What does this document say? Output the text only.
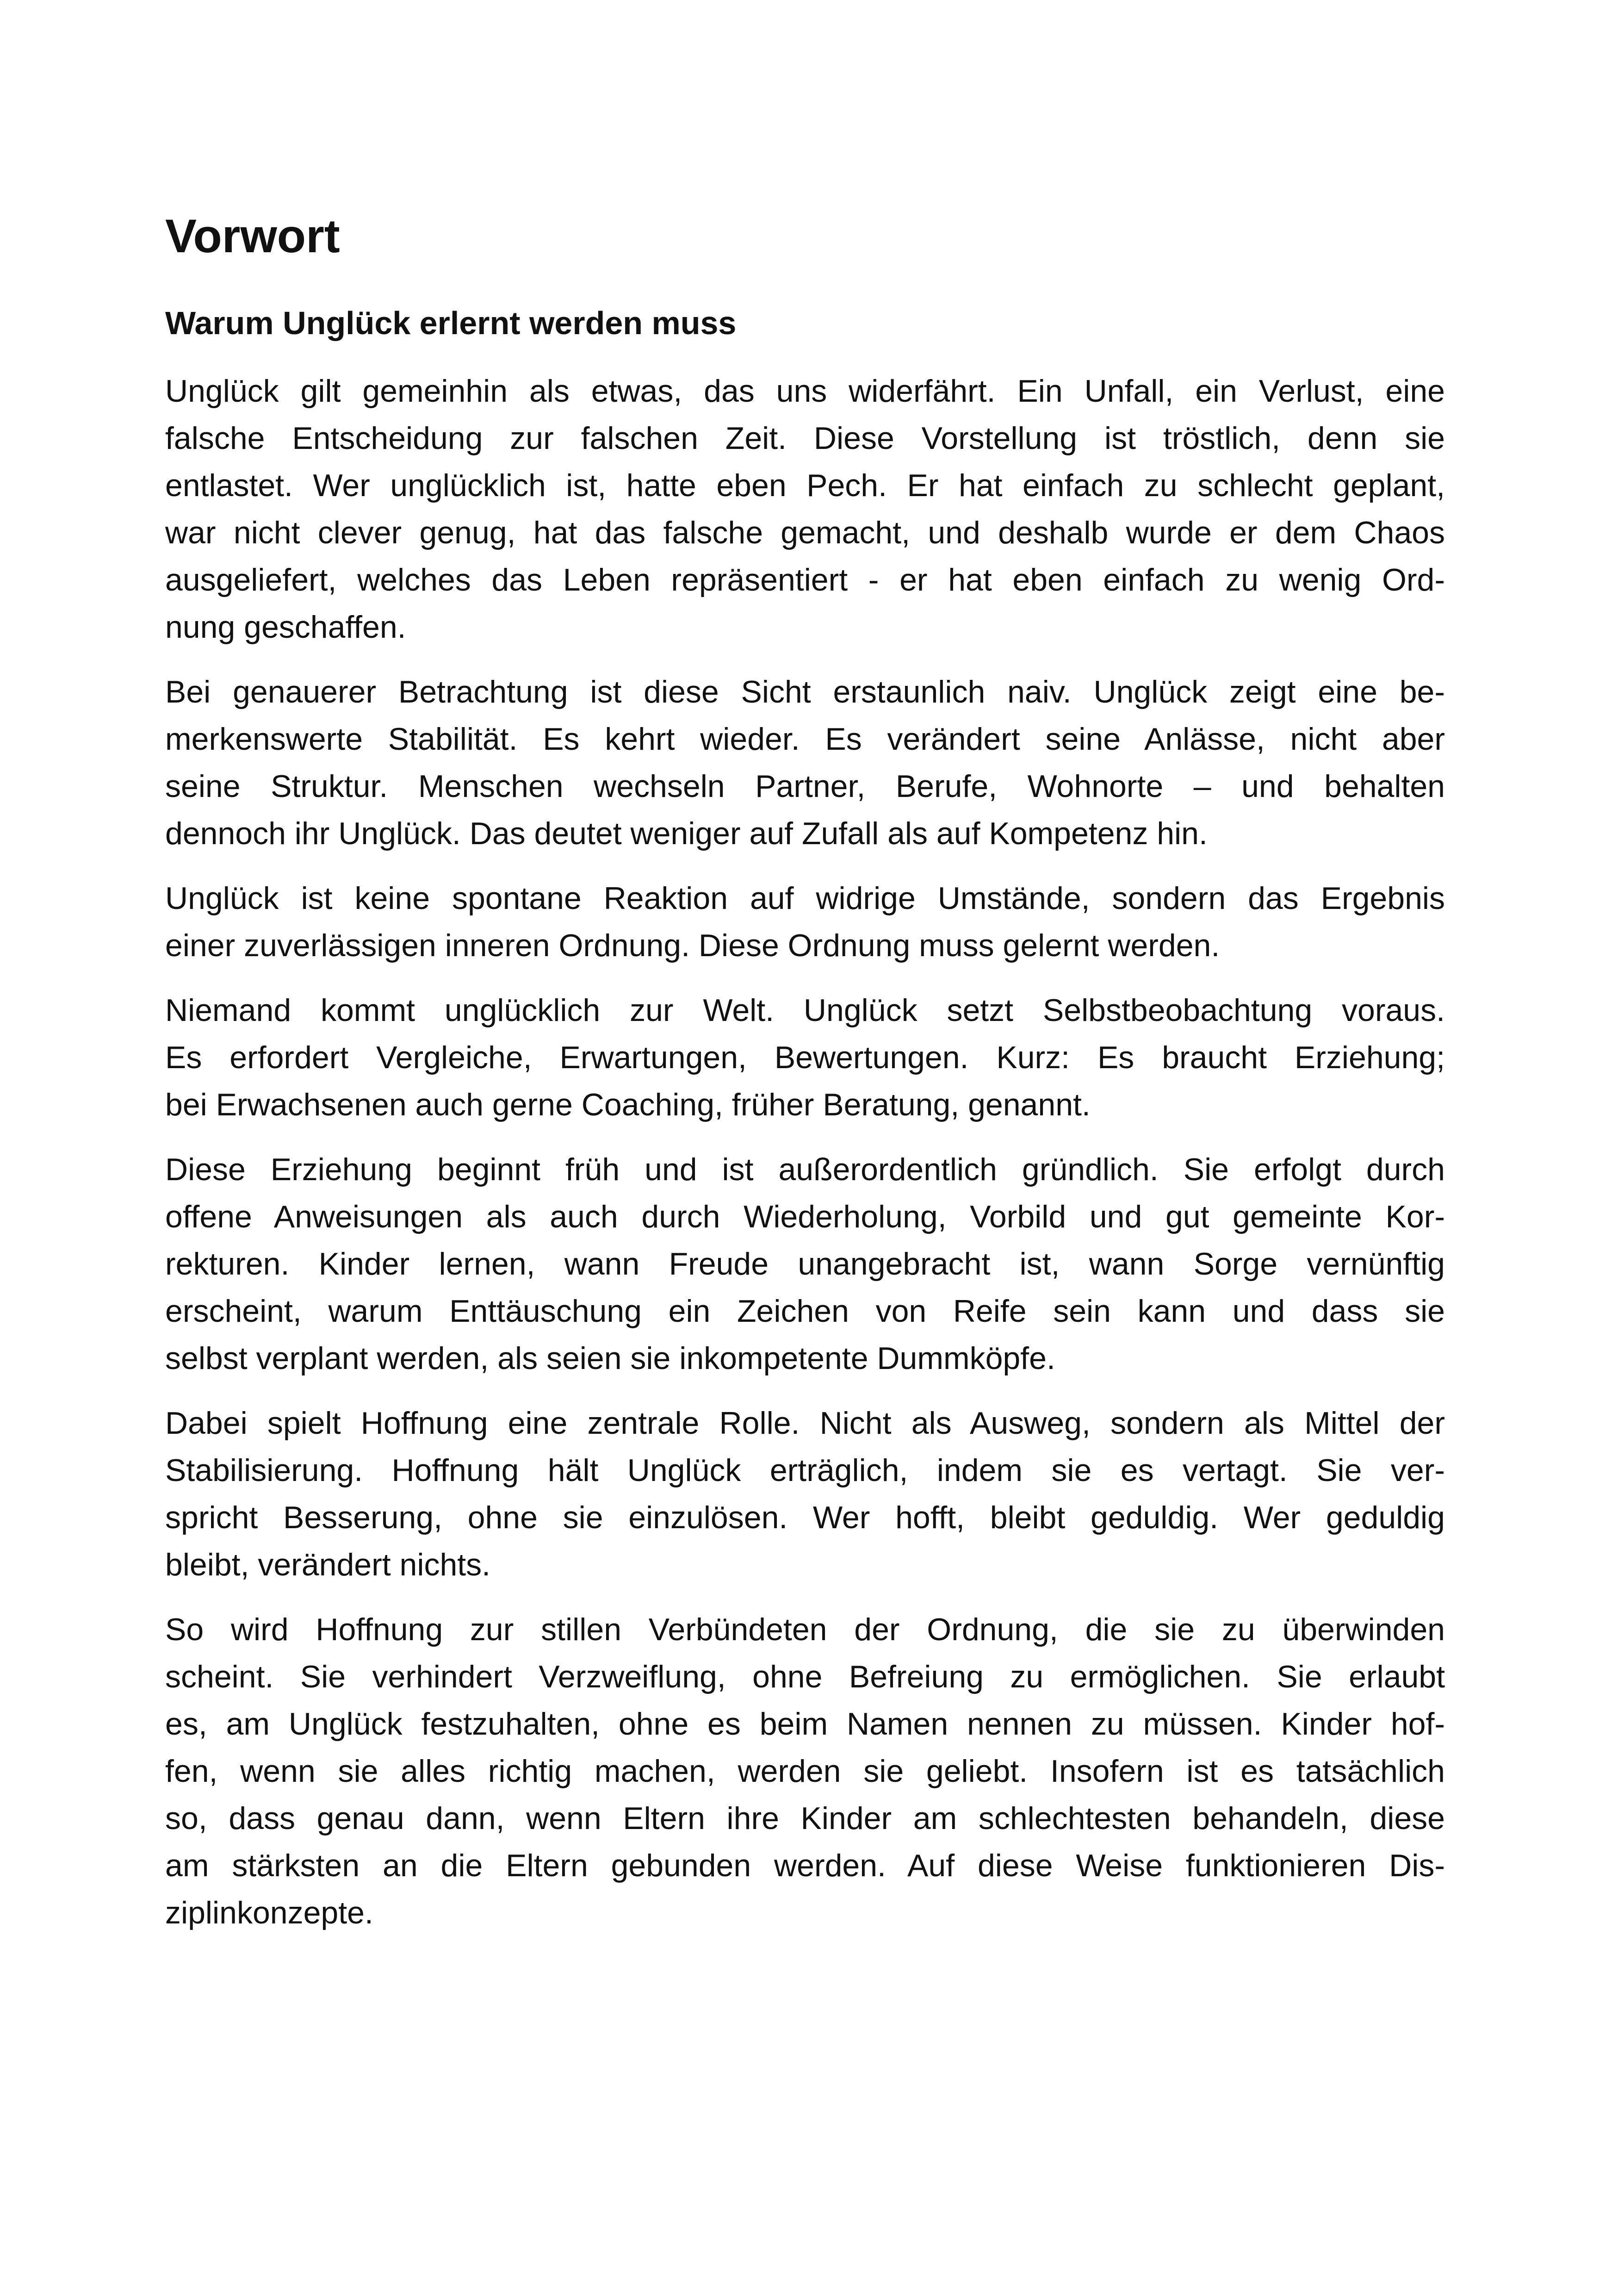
Vorwort
Warum Unglück erlernt werden muss

Unglück gilt gemeinhin als etwas, das uns widerfährt. Ein Unfall, ein Verlust, eine
falsche Entscheidung zur falschen Zeit. Diese Vorstellung ist tröstlich, denn sie
entlastet. Wer unglücklich ist, hatte eben Pech. Er hat einfach zu schlecht geplant,
war nicht clever genug, hat das falsche gemacht, und deshalb wurde er dem Chaos
ausgeliefert, welches das Leben repräsentiert - er hat eben einfach zu wenig Ord-
nung geschaffen.

Bei genauerer Betrachtung ist diese Sicht erstaunlich naiv. Unglück zeigt eine be-
merkenswerte Stabilität. Es kehrt wieder. Es verändert seine Anlässe, nicht aber
seine Struktur. Menschen wechseln Partner, Berufe, Wohnorte – und behalten
dennoch ihr Unglück. Das deutet weniger auf Zufall als auf Kompetenz hin.

Unglück ist keine spontane Reaktion auf widrige Umstände, sondern das Ergebnis
einer zuverlässigen inneren Ordnung. Diese Ordnung muss gelernt werden.

Niemand kommt unglücklich zur Welt. Unglück setzt Selbstbeobachtung voraus.
Es erfordert Vergleiche, Erwartungen, Bewertungen. Kurz: Es braucht Erziehung;
bei Erwachsenen auch gerne Coaching, früher Beratung, genannt.

Diese Erziehung beginnt früh und ist außerordentlich gründlich. Sie erfolgt durch
offene Anweisungen als auch durch Wiederholung, Vorbild und gut gemeinte Kor-
rekturen. Kinder lernen, wann Freude unangebracht ist, wann Sorge vernünftig
erscheint, warum Enttäuschung ein Zeichen von Reife sein kann und dass sie
selbst verplant werden, als seien sie inkompetente Dummköpfe.

Dabei spielt Hoffnung eine zentrale Rolle. Nicht als Ausweg, sondern als Mittel der
Stabilisierung. Hoffnung hält Unglück erträglich, indem sie es vertagt. Sie ver-
spricht Besserung, ohne sie einzulösen. Wer hofft, bleibt geduldig. Wer geduldig
bleibt, verändert nichts.

So wird Hoffnung zur stillen Verbündeten der Ordnung, die sie zu überwinden
scheint. Sie verhindert Verzweiflung, ohne Befreiung zu ermöglichen. Sie erlaubt
es, am Unglück festzuhalten, ohne es beim Namen nennen zu müssen. Kinder hof-
fen, wenn sie alles richtig machen, werden sie geliebt. Insofern ist es tatsächlich
so, dass genau dann, wenn Eltern ihre Kinder am schlechtesten behandeln, diese
am stärksten an die Eltern gebunden werden. Auf diese Weise funktionieren Dis-
ziplinkonzepte.
